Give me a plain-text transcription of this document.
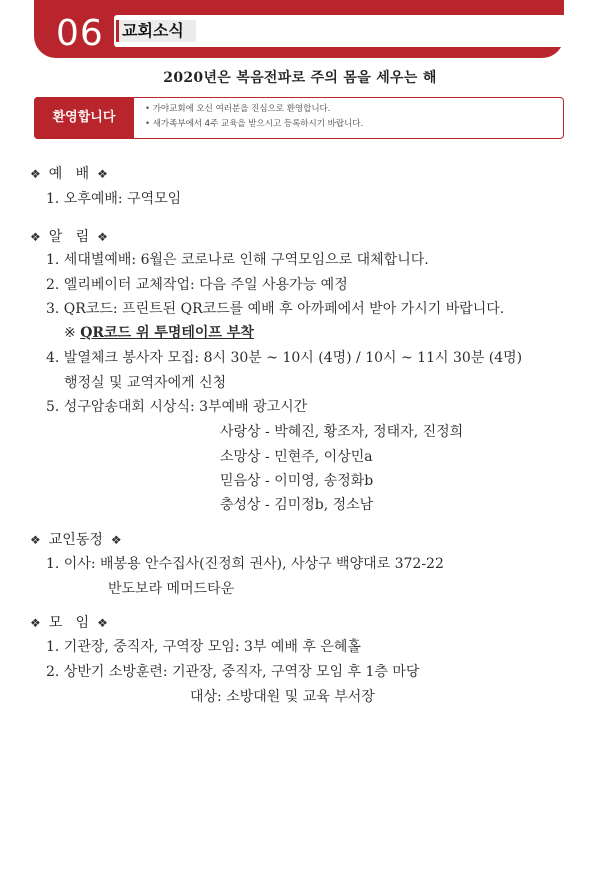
06 교회소식
2020년은 복음전파로 주의 몸을 세우는 해
환영합니다
• 가야교회에 오신 여러분을 진심으로 환영합니다.
• 새가족부에서 4주 교육을 받으시고 등록하시기 바랍니다.
❖ 예   배 ❖
1. 오후예배: 구역모임
❖ 알   림 ❖
1. 세대별예배: 6월은 코로나로 인해 구역모임으로 대체합니다.
2. 엘리베이터 교체작업: 다음 주일 사용가능 예정
3. QR코드: 프린트된 QR코드를 예배 후 아까페에서 받아 가시기 바랍니다.
※ QR코드 위 투명테이프 부착
4. 발열체크 봉사자 모집: 8시 30분 ~ 10시 (4명) / 10시 ~ 11시 30분 (4명)
행정실 및 교역자에게 신청
5. 성구암송대회 시상식: 3부예배 광고시간
사랑상 - 박혜진, 황조자, 정태자, 진정희
소망상 - 민현주, 이상민a
믿음상 - 이미영, 송정화b
충성상 - 김미정b, 정소남
❖ 교인동정 ❖
1. 이사: 배봉용 안수집사(진정희 권사), 사상구 백양대로 372-22
반도보라 메머드타운
❖ 모   임 ❖
1. 기관장, 중직자, 구역장 모임: 3부 예배 후 은혜홀
2. 상반기 소방훈련: 기관장, 중직자, 구역장 모임 후 1층 마당
대상: 소방대원 및 교육 부서장
